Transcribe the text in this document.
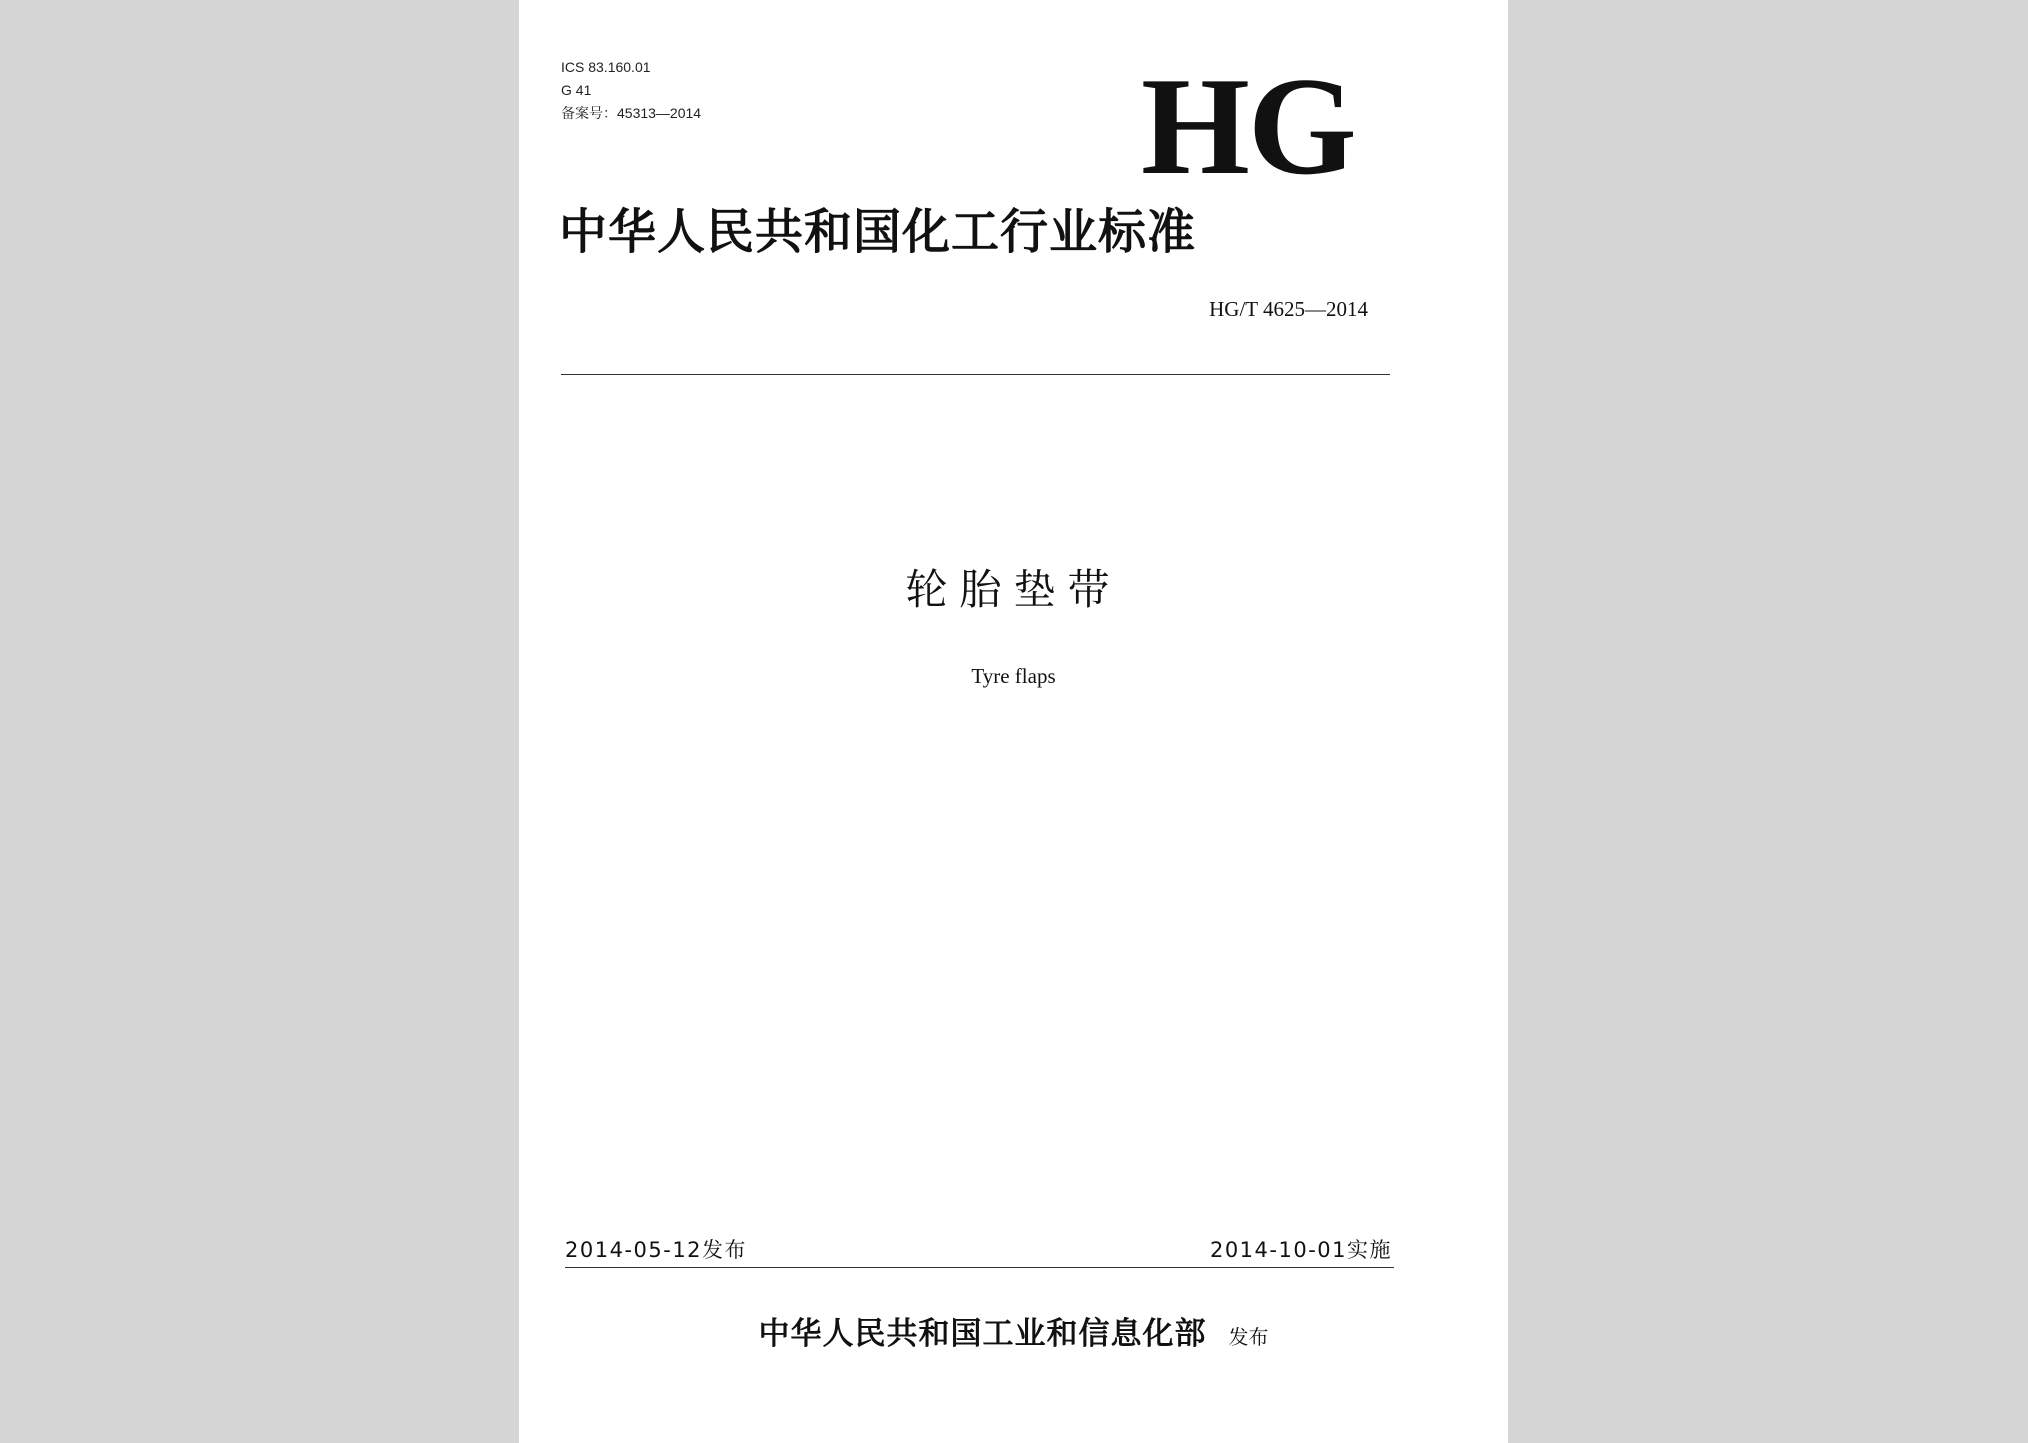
ICS 83.160.01
G 41
备案号：45313—2014	HG
中华人民共和国化工行业标准
HG/T 4625—2014
轮胎垫带
Tyre flaps
2014-05-12发布	2014-10-01实施
中华人民共和国工业和信息化部 发布
